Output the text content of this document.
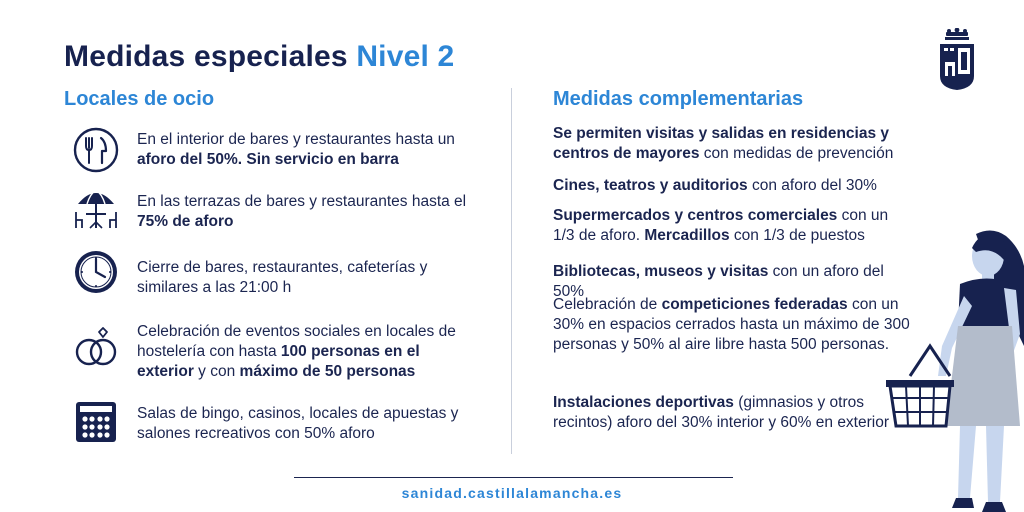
Medidas especiales Nivel 2
Locales de ocio
En el interior de bares y restaurantes hasta un aforo del 50%. Sin servicio en barra
En las terrazas de bares y restaurantes hasta el 75% de aforo
Cierre de bares, restaurantes, cafeterías y similares a las 21:00 h
Celebración de eventos sociales en locales de hostelería con hasta 100 personas en el exterior y con máximo de 50 personas
Salas de bingo, casinos, locales de apuestas y salones recreativos con 50% aforo
Medidas complementarias
Se permiten visitas y salidas en residencias y centros de mayores con medidas de prevención
Cines, teatros y auditorios con aforo del 30%
Supermercados y centros comerciales con un 1/3 de aforo. Mercadillos con 1/3 de puestos
Bibliotecas, museos y visitas con un aforo del 50%
Celebración de competiciones federadas con un 30% en espacios cerrados hasta un máximo de 300 personas y 50% al aire libre hasta 500 personas.
Instalaciones deportivas (gimnasios y otros recintos) aforo del 30% interior y 60% en exterior
sanidad.castillalamancha.es
